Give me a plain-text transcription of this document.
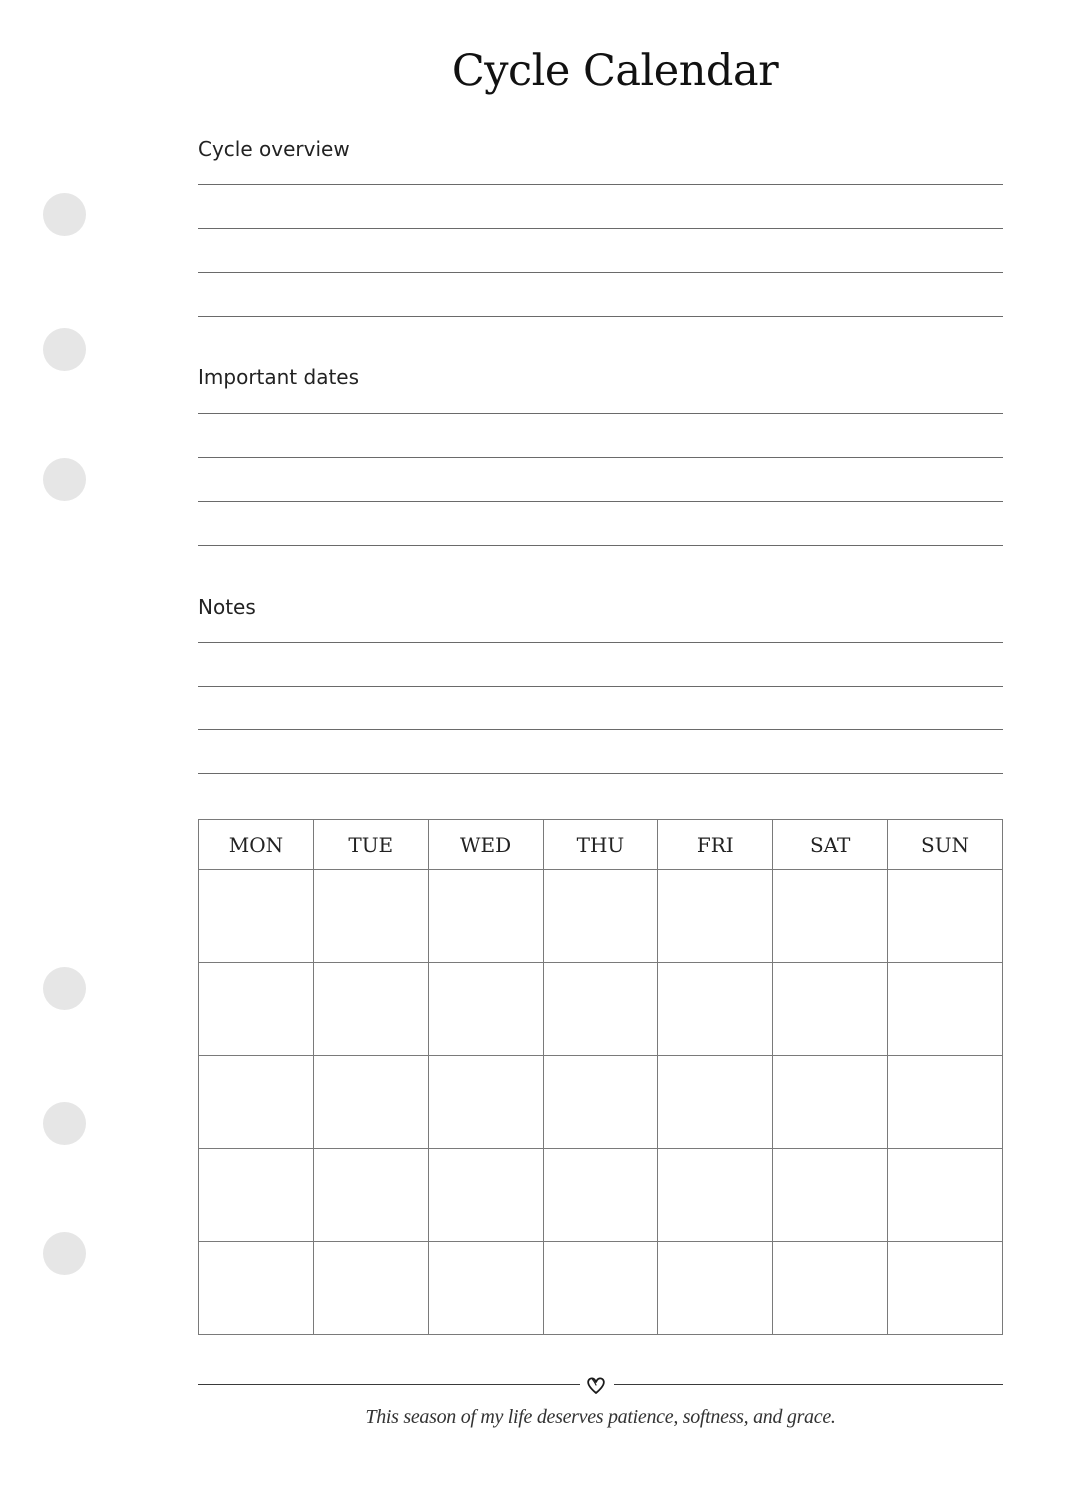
Cycle Calendar
Cycle overview
Important dates
Notes
MON	TUE	WED	THU	FRI	SAT	SUN

This season of my life deserves patience, softness, and grace.
